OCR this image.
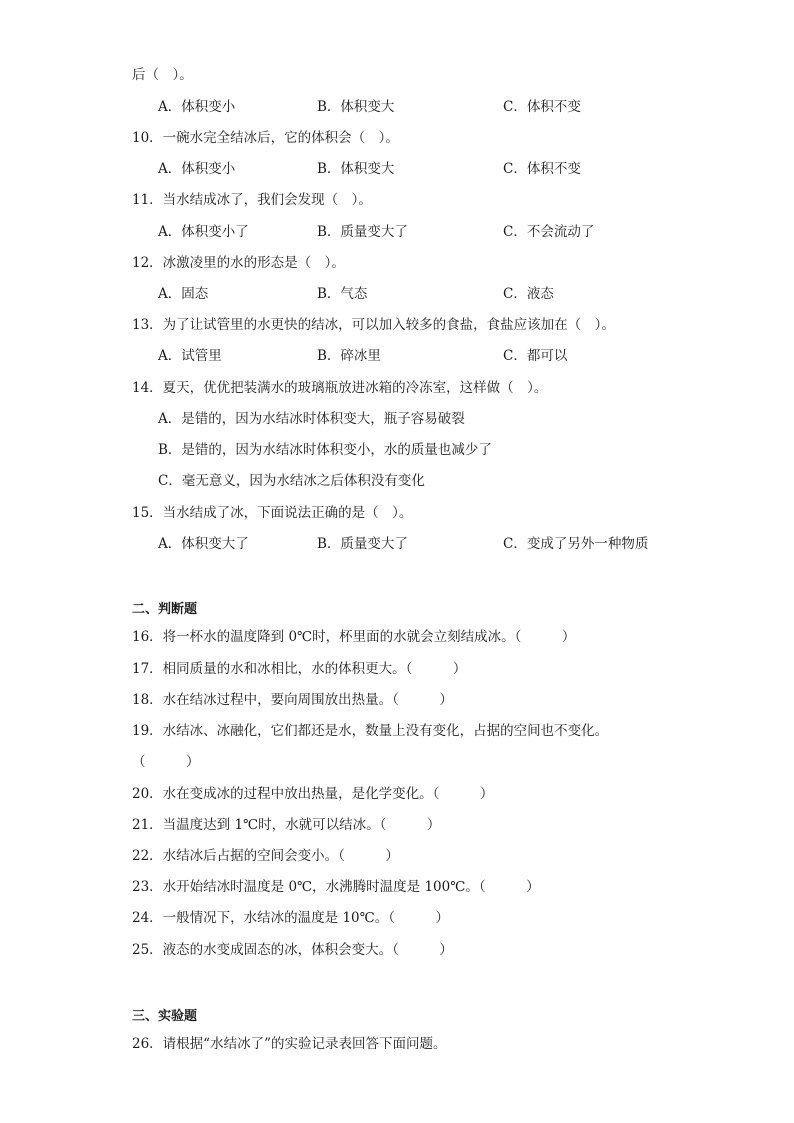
后（　）。
A．体积变小	B．体积变大	C．体积不变
10．一碗水完全结冰后，它的体积会（　）。
A．体积变小	B．体积变大	C．体积不变
11．当水结成冰了，我们会发现（　）。
A．体积变小了	B．质量变大了	C．不会流动了
12．冰激凌里的水的形态是（　）。
A．固态	B．气态	C．液态
13．为了让试管里的水更快的结冰，可以加入较多的食盐，食盐应该加在（　）。
A．试管里	B．碎冰里	C．都可以
14．夏天，优优把装满水的玻璃瓶放进冰箱的冷冻室，这样做（　）。
A．是错的，因为水结冰时体积变大，瓶子容易破裂
B．是错的，因为水结冰时体积变小，水的质量也减少了
C．毫无意义，因为水结冰之后体积没有变化
15．当水结成了冰，下面说法正确的是（　）。
A．体积变大了	B．质量变大了	C．变成了另外一种物质
二、判断题
16．将一杯水的温度降到 0℃时，杯里面的水就会立刻结成冰。（　　　）
17．相同质量的水和冰相比，水的体积更大。（　　　）
18．水在结冰过程中，要向周围放出热量。（　　　）
19．水结冰、冰融化，它们都还是水，数量上没有变化，占据的空间也不变化。
（　　　）
20．水在变成冰的过程中放出热量，是化学变化。（　　　）
21．当温度达到 1℃时，水就可以结冰。（　　　）
22．水结冰后占据的空间会变小。（　　　）
23．水开始结冰时温度是 0℃，水沸腾时温度是 100℃。（　　　）
24．一般情况下，水结冰的温度是 10℃。（　　　）
25．液态的水变成固态的冰，体积会变大。（　　　）
三、实验题
26．请根据“水结冰了”的实验记录表回答下面问题。
